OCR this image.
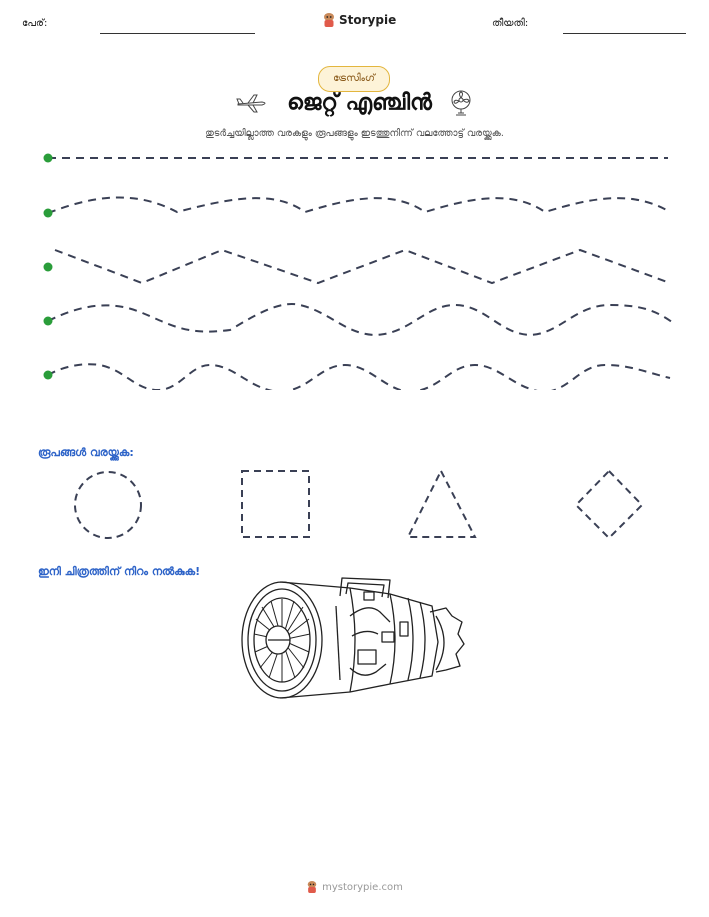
പേര്:	Storypie	തീയതി:
ട്രേസിംഗ്
ജെറ്റ് എഞ്ചിൻ
തുടർച്ചയില്ലാത്ത വരകളും രൂപങ്ങളും ഇടത്തുനിന്ന് വലത്തോട്ട് വരയ്ക്കുക.
രൂപങ്ങൾ വരയ്ക്കുക:
ഇനി ചിത്രത്തിന് നിറം നൽകുക!
mystorypie.com
